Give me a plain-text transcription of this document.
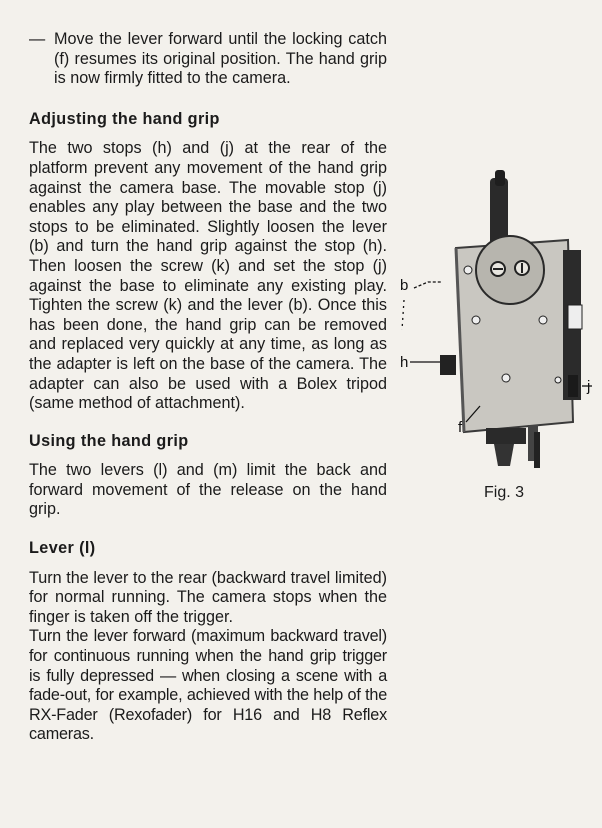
— Move the lever forward until the locking catch (f) resumes its original position. The hand grip is now firmly fitted to the camera.

Adjusting the hand grip

The two stops (h) and (j) at the rear of the platform prevent any movement of the hand grip against the camera base. The movable stop (j) enables any play between the base and the two stops to be eliminated. Slightly loosen the lever (b) and turn the hand grip against the stop (h). Then loosen the screw (k) and set the stop (j) against the base to eliminate any existing play. Tighten the screw (k) and the lever (b). Once this has been done, the hand grip can be removed and replaced very quickly at any time, as long as the adapter is left on the base of the camera. The adapter can also be used with a Bolex tripod (same method of attachment).

Using the hand grip

The two levers (l) and (m) limit the back and forward movement of the release on the hand grip.

Lever (l)

Turn the lever to the rear (backward travel limited) for normal running. The camera stops when the finger is taken off the trigger.

Turn the lever forward (maximum backward travel) for continuous running when the hand grip trigger is fully depressed — when closing a scene with a fade-out, for example, achieved with the help of the RX-Fader (Rexofader) for H16 and H8 Reflex cameras.

b
h
j
f
Fig. 3
